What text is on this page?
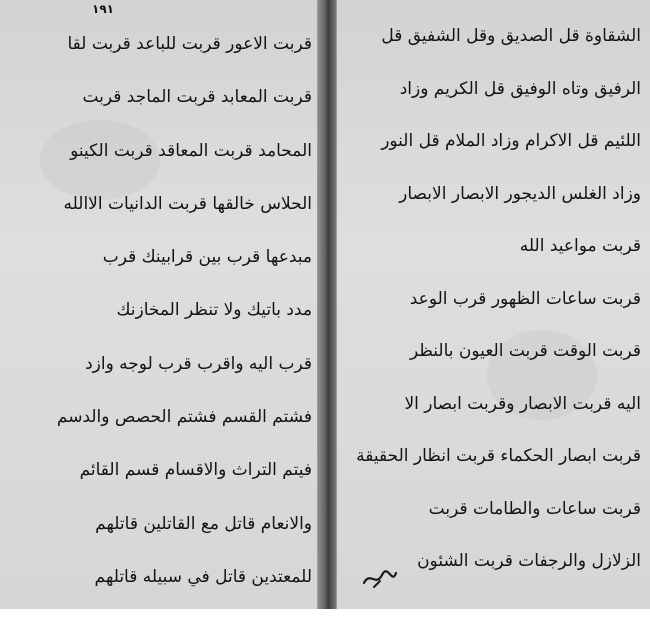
١٩١
قربت الاعور قربت للباعد قربت لقا
قربت المعابد قربت الماجد قربت
المحامد قربت المعاقد قربت الكينو
الحلاس خالقها قربت الدانيات الاالله
مبدعها قرب بين قرابينك قرب
مدد باتيك ولا تنظر المخازنك
قرب اليه واقرب قرب لوجه وازد
فشتم القسم فشتم الحصص والدسم
فيتم التراث والاقسام قسم القائم
والانعام قاتل مع القاتلين قاتلهم
للمعتدين قاتل في سبيله قاتلهم
الشقاوة قل الصديق وقل الشفيق قل
الرفيق وتاه الوفيق قل الكريم وزاد
اللئيم قل الاكرام وزاد الملام قل النور
وزاد الغلس الديجور الابصار الابصار
قربت مواعيد الله
قربت ساعات الظهور قرب الوعد
قربت الوقت قربت العيون بالنظر
اليه قربت الابصار وقربت ابصار الا
قربت ابصار الحكماء قربت انظار الحقيقة
قربت ساعات والطامات قربت
الزلازل والرجفات قربت الشئون
